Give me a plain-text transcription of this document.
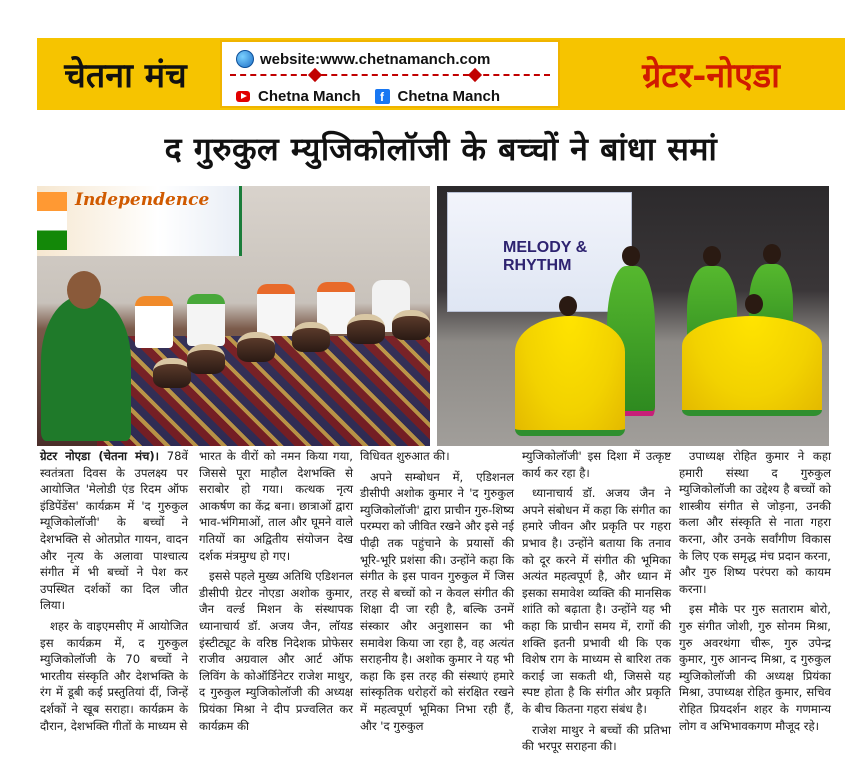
चेतना मंच	website:www.chetnamanch.com
Chetna Manch	f Chetna Manch	ग्रेटर-नोएडा
द गुरुकुल म्युजिकोलॉजी के बच्चों ने बांधा समां
Independence
MELODY & RHYTHM

ग्रेटर नोएडा (चेतना मंच)। 78वें स्वतंत्रता दिवस के उपलक्ष्य पर आयोजित 'मेलोडी एंड रिदम ऑफ इंडिपेंडेंस' कार्यक्रम में 'द गुरुकुल म्यूजिकोलॉजी' के बच्चों ने देशभक्ति से ओतप्रोत गायन, वादन और नृत्य के अलावा पाश्चात्य संगीत में भी बच्चों ने पेश कर उपस्थित दर्शकों का दिल जीत लिया।

शहर के वाइएमसीए में आयोजित इस कार्यक्रम में, द गुरुकुल म्युजिकोलॉजी के 70 बच्चों ने भारतीय संस्कृति और देशभक्ति के रंग में डूबी कई प्रस्तुतियां दीं, जिन्हें दर्शकों ने खूब सराहा। कार्यक्रम के दौरान, देशभक्ति गीतों के माध्यम से

भारत के वीरों को नमन किया गया, जिससे पूरा माहौल देशभक्ति से सराबोर हो गया। कत्थक नृत्य आकर्षण का केंद्र बना। छात्राओं द्वारा भाव-भंगिमाओं, ताल और घूमने वाले गतियों का अद्वितीय संयोजन देख दर्शक मंत्रमुग्ध हो गए।

इससे पहले मुख्य अतिथि एडिशनल डीसीपी ग्रेटर नोएडा अशोक कुमार, जैन वर्ल्ड मिशन के संस्थापक ध्यानाचार्य डॉ. अजय जैन, लॉयड इंस्टीट्यूट के वरिष्ठ निदेशक प्रोफेसर राजीव अग्रवाल और आर्ट ऑफ लिविंग के कोऑर्डिनेटर राजेश माथुर, द गुरुकुल म्युजिकोलॉजी की अध्यक्ष प्रियंका मिश्रा ने दीप प्रज्वलित कर कार्यक्रम की

विधिवत शुरुआत की।

अपने सम्बोधन में, एडिशनल डीसीपी अशोक कुमार ने 'द गुरुकुल म्युजिकोलॉजी' द्वारा प्राचीन गुरु-शिष्य परम्परा को जीवित रखने और इसे नई पीढ़ी तक पहुंचाने के प्रयासों की भूरि-भूरि प्रशंसा की। उन्होंने कहा कि संगीत के इस पावन गुरुकुल में जिस तरह से बच्चों को न केवल संगीत की शिक्षा दी जा रही है, बल्कि उनमें संस्कार और अनुशासन का भी समावेश किया जा रहा है, वह अत्यंत सराहनीय है। अशोक कुमार ने यह भी कहा कि इस तरह की संस्थाएं हमारे सांस्कृतिक धरोहरों को संरक्षित रखने में महत्वपूर्ण भूमिका निभा रही हैं, और 'द गुरुकुल

म्युजिकोलॉजी' इस दिशा में उत्कृष्ट कार्य कर रहा है।

ध्यानाचार्य डॉ. अजय जैन ने अपने संबोधन में कहा कि संगीत का हमारे जीवन और प्रकृति पर गहरा प्रभाव है। उन्होंने बताया कि तनाव को दूर करने में संगीत की भूमिका अत्यंत महत्वपूर्ण है, और ध्यान में इसका समावेश व्यक्ति की मानसिक शांति को बढ़ाता है। उन्होंने यह भी कहा कि प्राचीन समय में, रागों की शक्ति इतनी प्रभावी थी कि एक विशेष राग के माध्यम से बारिश तक कराई जा सकती थी, जिससे यह स्पष्ट होता है कि संगीत और प्रकृति के बीच कितना गहरा संबंध है।

राजेश माथुर ने बच्चों की प्रतिभा की भरपूर सराहना की।

उपाध्यक्ष रोहित कुमार ने कहा हमारी संस्था द गुरुकुल म्युजिकोलॉजी का उद्देश्य है बच्चों को शास्त्रीय संगीत से जोड़ना, उनकी कला और संस्कृति से नाता गहरा करना, और उनके सर्वांगीण विकास के लिए एक समृद्ध मंच प्रदान करना, और गुरु शिष्य परंपरा को कायम करना।

इस मौके पर गुरु सताराम बोरो, गुरु संगीत जोशी, गुरु सोनम मिश्रा, गुरु अवरथंगा चीरू, गुरु उपेन्द्र कुमार, गुरु आनन्द मिश्रा, द गुरुकुल म्युजिकोलॉजी की अध्यक्ष प्रियंका मिश्रा, उपाध्यक्ष रोहित कुमार, सचिव रोहित प्रियदर्शन शहर के गणमान्य लोग व अभिभावकगण मौजूद रहे।
